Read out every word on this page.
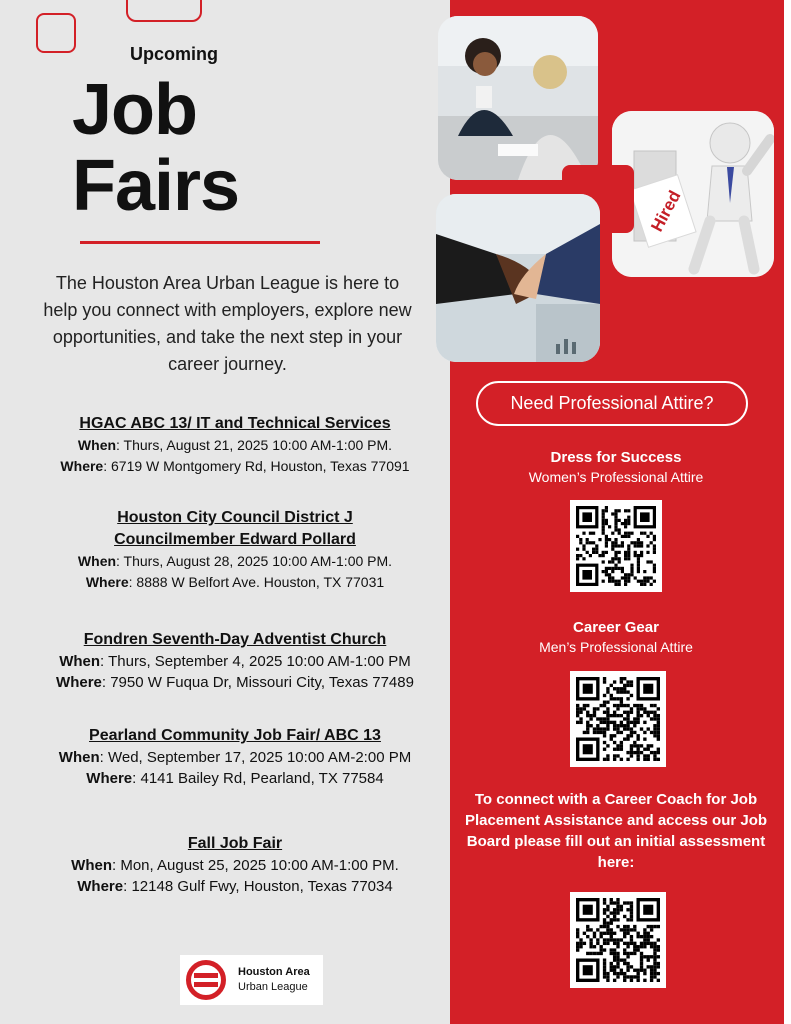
Upcoming
Job
Fairs
The Houston Area Urban League is here to help you connect with employers, explore new opportunities, and take the next step in your career journey.
HGAC ABC 13/ IT and Technical Services
When: Thurs, August 21, 2025 10:00 AM-1:00 PM.
Where: 6719 W Montgomery Rd, Houston, Texas 77091
Houston City Council District J Councilmember Edward Pollard
When: Thurs, August 28, 2025 10:00 AM-1:00 PM.
Where: 8888 W Belfort Ave. Houston, TX 77031
Fondren Seventh-Day Adventist Church
When: Thurs, September 4, 2025 10:00 AM-1:00 PM
Where: 7950 W Fuqua Dr, Missouri City, Texas 77489
Pearland Community Job Fair/ ABC 13
When: Wed, September 17, 2025 10:00 AM-2:00 PM
Where: 4141 Bailey Rd, Pearland, TX 77584
Fall Job Fair
When: Mon, August 25, 2025 10:00 AM-1:00 PM.
Where: 12148 Gulf Fwy, Houston, Texas 77034
Houston Area
Urban League
Hired
Need Professional Attire?
Dress for Success
Women’s Professional Attire
Career Gear
Men’s Professional Attire
To connect with a Career Coach for Job Placement Assistance and access our Job Board please fill out an initial assessment here:
